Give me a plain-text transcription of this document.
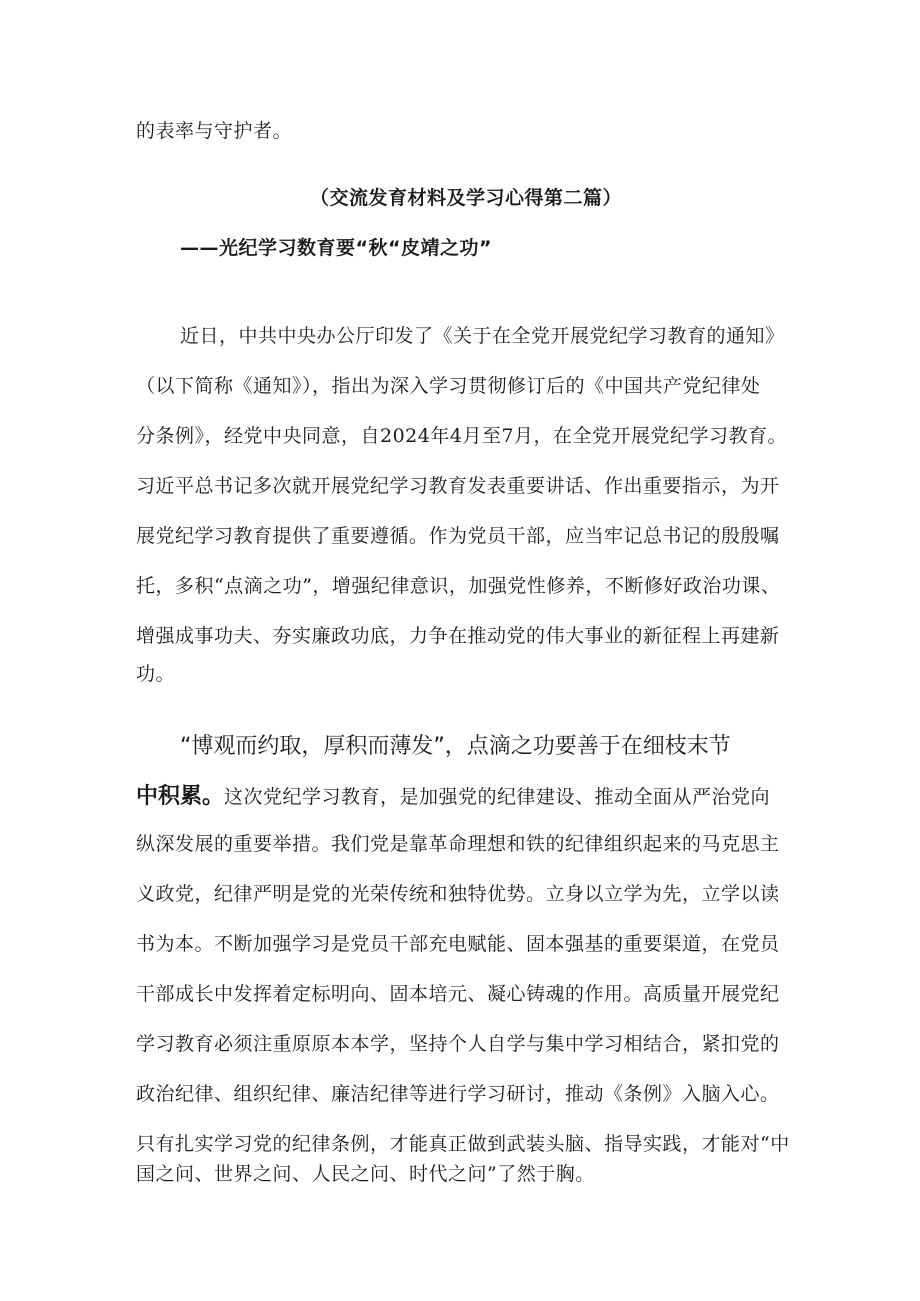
的表率与守护者。
（交流发育材料及学习心得第二篇）
——光纪学习数育要“秋“皮靖之功”
近日，中共中央办公厅印发了《关于在全党开展党纪学习教育的通知》
（以下简称《通知》），指出为深入学习贯彻修订后的《中国共产党纪律处
分条例》，经党中央同意，自2024年4月至7月，在全党开展党纪学习教育。
习近平总书记多次就开展党纪学习教育发表重要讲话、作出重要指示，为开
展党纪学习教育提供了重要遵循。作为党员干部，应当牢记总书记的殷殷嘱
托，多积“点滴之功”，增强纪律意识，加强党性修养，不断修好政治功课、
增强成事功夫、夯实廉政功底，力争在推动党的伟大事业的新征程上再建新
功。
“博观而约取，厚积而薄发”，点滴之功要善于在细枝末节
中积累。这次党纪学习教育，是加强党的纪律建设、推动全面从严治党向
纵深发展的重要举措。我们党是靠革命理想和铁的纪律组织起来的马克思主
义政党，纪律严明是党的光荣传统和独特优势。立身以立学为先，立学以读
书为本。不断加强学习是党员干部充电赋能、固本强基的重要渠道，在党员
干部成长中发挥着定标明向、固本培元、凝心铸魂的作用。高质量开展党纪
学习教育必须注重原原本本学，坚持个人自学与集中学习相结合，紧扣党的
政治纪律、组织纪律、廉洁纪律等进行学习研讨，推动《条例》入脑入心。
只有扎实学习党的纪律条例，才能真正做到武装头脑、指导实践，才能对“中
国之问、世界之问、人民之问、时代之问”了然于胸。
